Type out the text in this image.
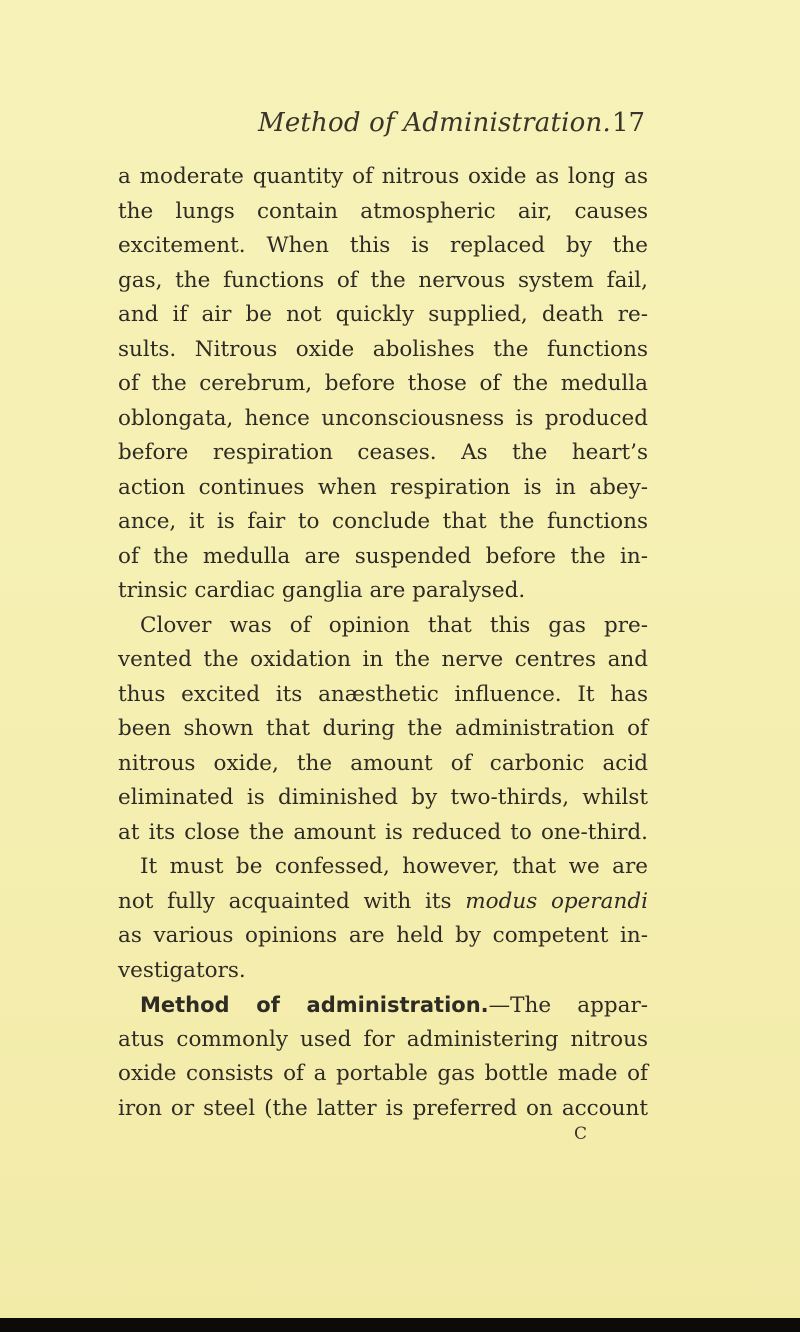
Method of Administration. 17
a moderate quantity of nitrous oxide as long as
the lungs contain atmospheric air, causes
excitement. When this is replaced by the
gas, the functions of the nervous system fail,
and if air be not quickly supplied, death re-
sults. Nitrous oxide abolishes the functions
of the cerebrum, before those of the medulla
oblongata, hence unconsciousness is produced
before respiration ceases. As the heart’s
action continues when respiration is in abey-
ance, it is fair to conclude that the functions
of the medulla are suspended before the in-
trinsic cardiac ganglia are paralysed.
Clover was of opinion that this gas pre-
vented the oxidation in the nerve centres and
thus excited its anæsthetic influence. It has
been shown that during the administration of
nitrous oxide, the amount of carbonic acid
eliminated is diminished by two-thirds, whilst
at its close the amount is reduced to one-third.
It must be confessed, however, that we are
not fully acquainted with its modus operandi
as various opinions are held by competent in-
vestigators.
Method of administration.—The appar-
atus commonly used for administering nitrous
oxide consists of a portable gas bottle made of
iron or steel (the latter is preferred on account
C
